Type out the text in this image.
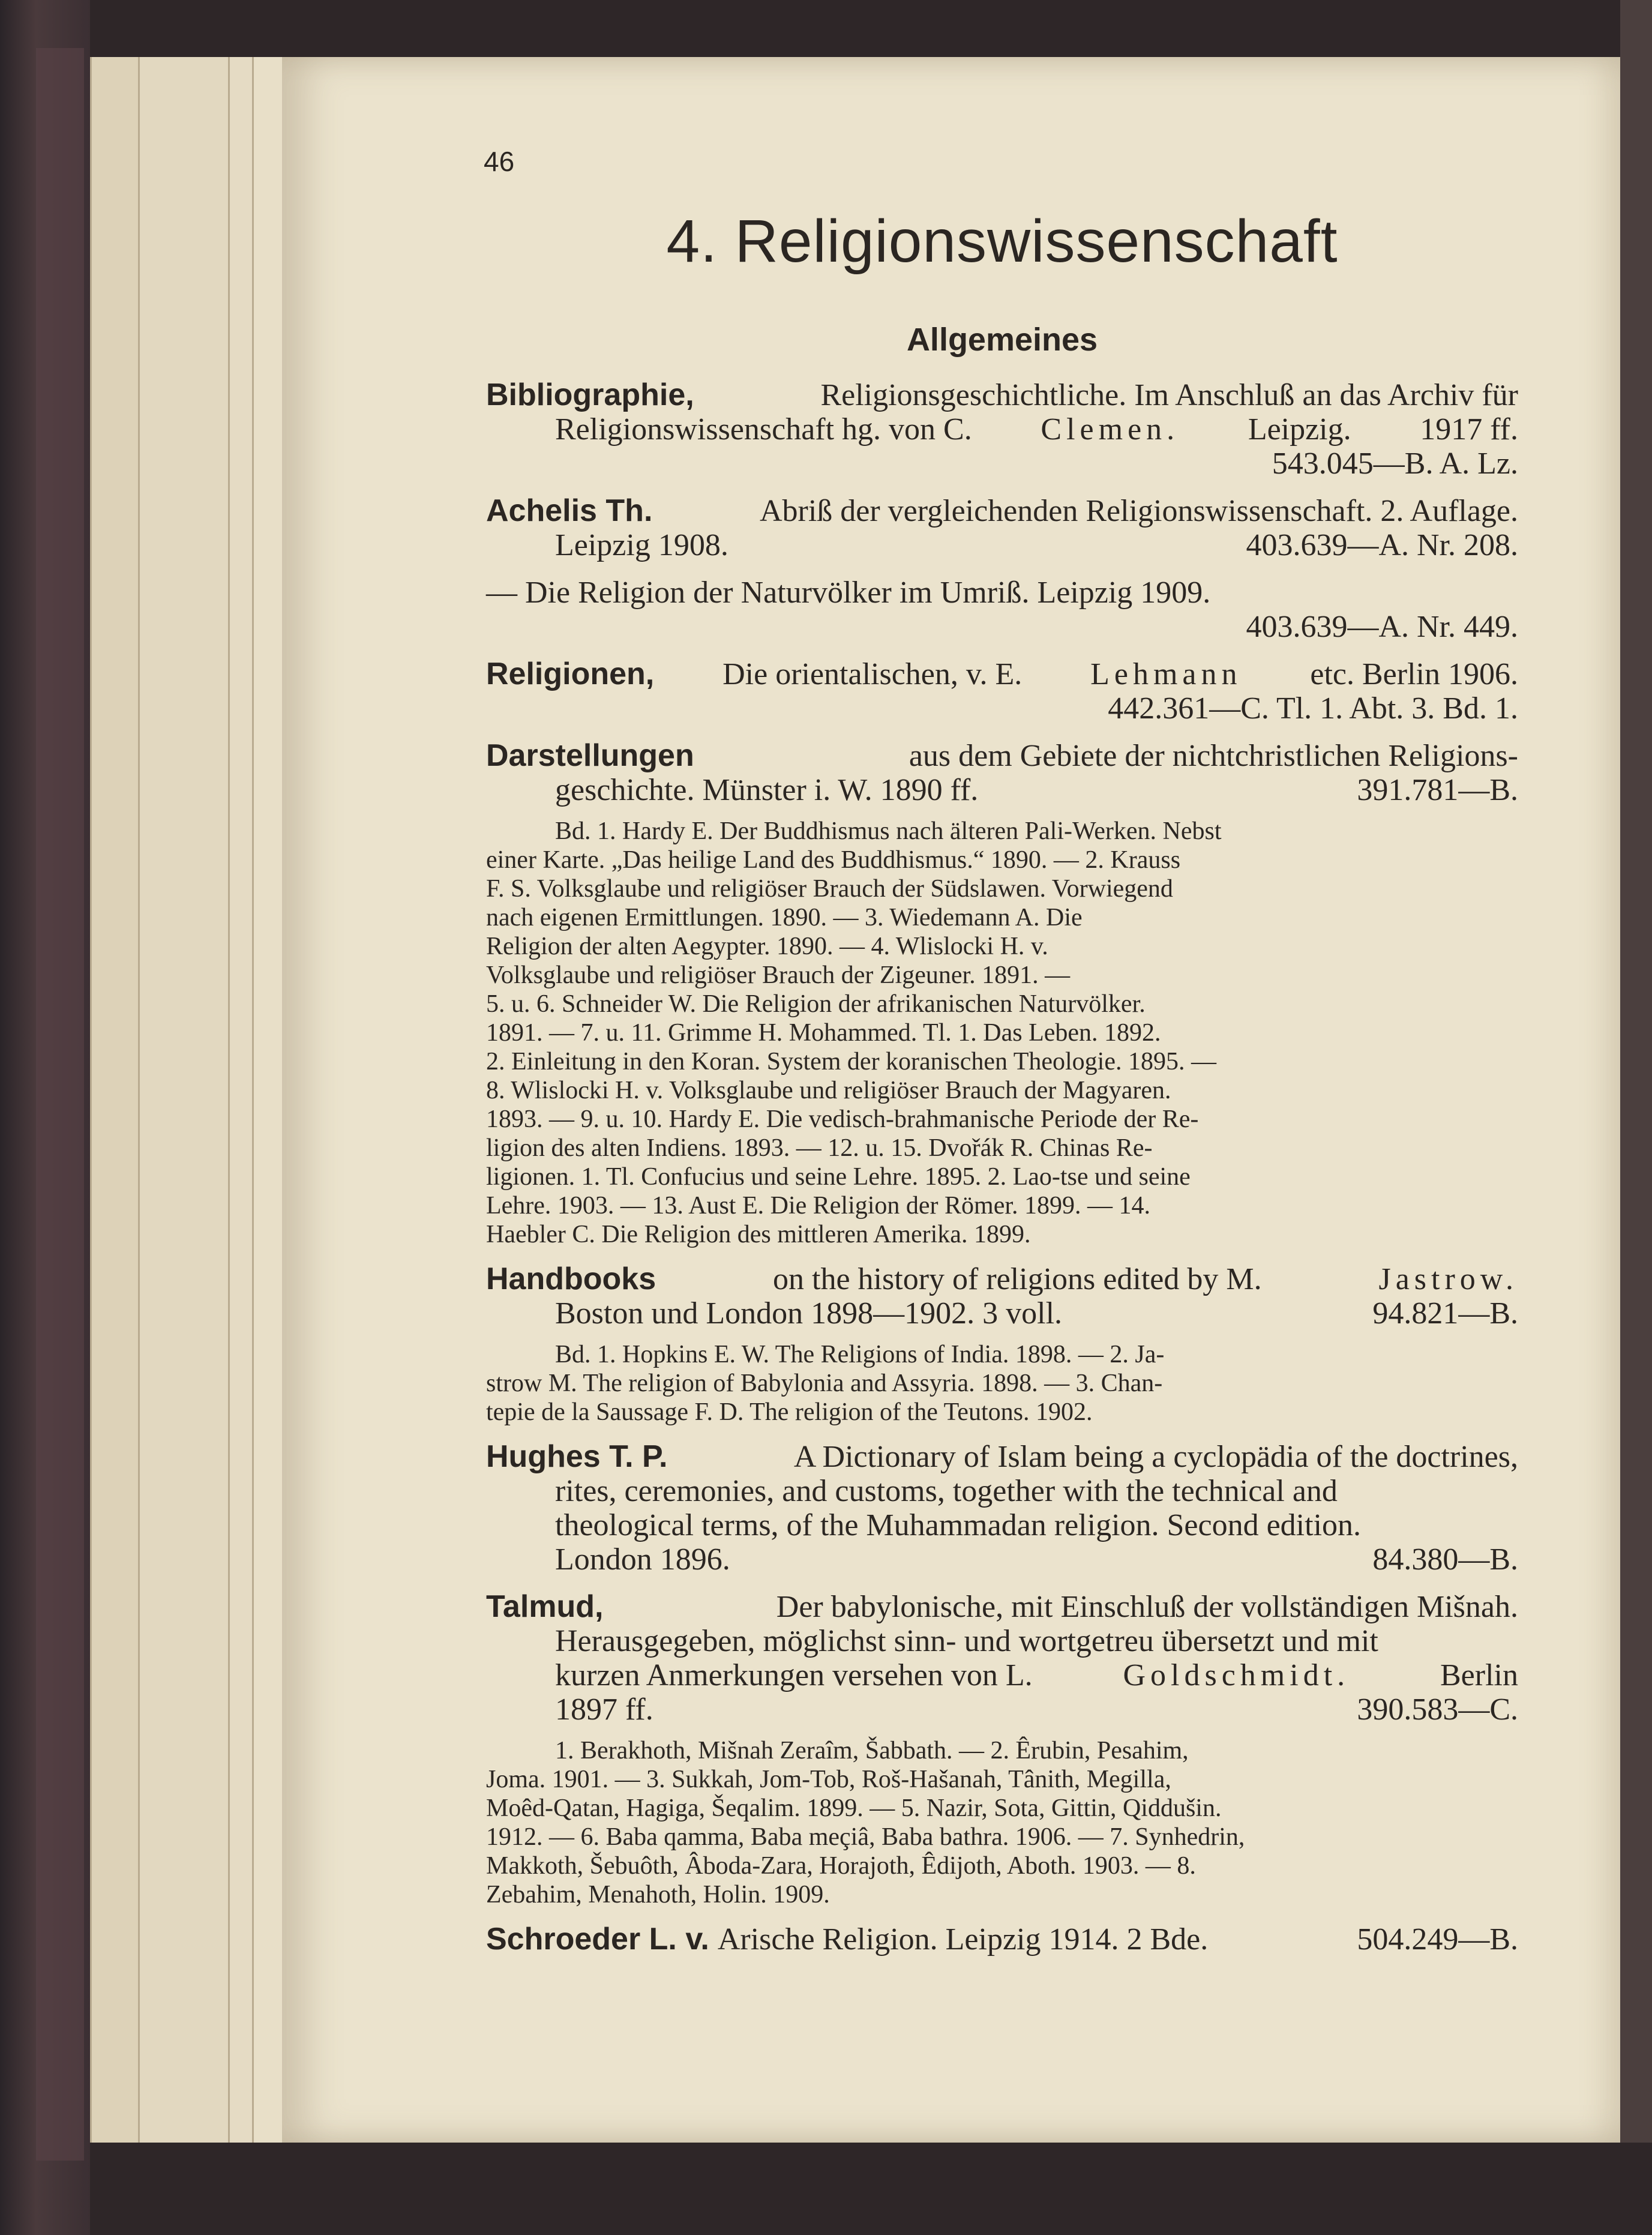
46
4. Religionswissenschaft
Allgemeines
Bibliographie,	Religionsgeschichtliche. Im Anschluß an das Archiv für
Religionswissenschaft hg. von C. Clemen. Leipzig. 1917 ff.
543.045—B. A. Lz.
Achelis Th.	Abriß der vergleichenden Religionswissenschaft. 2. Auflage.
Leipzig 1908.	403.639—A. Nr. 208.
— Die Religion der Naturvölker im Umriß. Leipzig 1909.
403.639—A. Nr. 449.
Religionen, Die orientalischen, v. E. Lehmann etc. Berlin 1906.
442.361—C. Tl. 1. Abt. 3. Bd. 1.
Darstellungen	aus dem Gebiete der nichtchristlichen Religions-
geschichte. Münster i. W. 1890 ff.	391.781—B.
Bd. 1. Hardy E. Der Buddhismus nach älteren Pali-Werken. Nebst
einer Karte. „Das heilige Land des Buddhismus.“ 1890. — 2. Krauss
F. S. Volksglaube und religiöser Brauch der Südslawen. Vorwiegend
nach eigenen Ermittlungen. 1890. — 3. Wiedemann A. Die
Religion der alten Aegypter. 1890. — 4. Wlislocki H. v.
Volksglaube und religiöser Brauch der Zigeuner. 1891. —
5. u. 6. Schneider W. Die Religion der afrikanischen Naturvölker.
1891. — 7. u. 11. Grimme H. Mohammed. Tl. 1. Das Leben. 1892.
2. Einleitung in den Koran. System der koranischen Theologie. 1895. —
8. Wlislocki H. v. Volksglaube und religiöser Brauch der Magyaren.
1893. — 9. u. 10. Hardy E. Die vedisch-brahmanische Periode der Re-
ligion des alten Indiens. 1893. — 12. u. 15. Dvořák R. Chinas Re-
ligionen. 1. Tl. Confucius und seine Lehre. 1895. 2. Lao-tse und seine
Lehre. 1903. — 13. Aust E. Die Religion der Römer. 1899. — 14.
Haebler C. Die Religion des mittleren Amerika. 1899.
Handbooks	on the history of religions edited by M.	Jastrow.
Boston und London 1898—1902. 3 voll.	94.821—B.
Bd. 1. Hopkins E. W. The Religions of India. 1898. — 2. Ja-
strow M. The religion of Babylonia and Assyria. 1898. — 3. Chan-
tepie de la Saussage F. D. The religion of the Teutons. 1902.
Hughes T. P.	A Dictionary of Islam being a cyclopädia of the doctrines,
rites, ceremonies, and customs, together with the technical and
theological terms, of the Muhammadan religion. Second edition.
London 1896.	84.380—B.
Talmud,	Der babylonische, mit Einschluß der vollständigen Mišnah.
Herausgegeben, möglichst sinn- und wortgetreu übersetzt und mit
kurzen Anmerkungen versehen von L.	Goldschmidt.	Berlin
1897 ff.	390.583—C.
1. Berakhoth, Mišnah Zeraîm, Šabbath. — 2. Êrubin, Pesahim,
Joma. 1901. — 3. Sukkah, Jom-Tob, Roš-Hašanah, Tânith, Megilla,
Moêd-Qatan, Hagiga, Šeqalim. 1899. — 5. Nazir, Sota, Gittin, Qiddušin.
1912. — 6. Baba qamma, Baba meçiâ, Baba bathra. 1906. — 7. Synhedrin,
Makkoth, Šebuôth, Âboda-Zara, Horajoth, Êdijoth, Aboth. 1903. — 8.
Zebahim, Menahoth, Holin. 1909.
Schroeder L. v. Arische Religion. Leipzig 1914. 2 Bde.	504.249—B.
